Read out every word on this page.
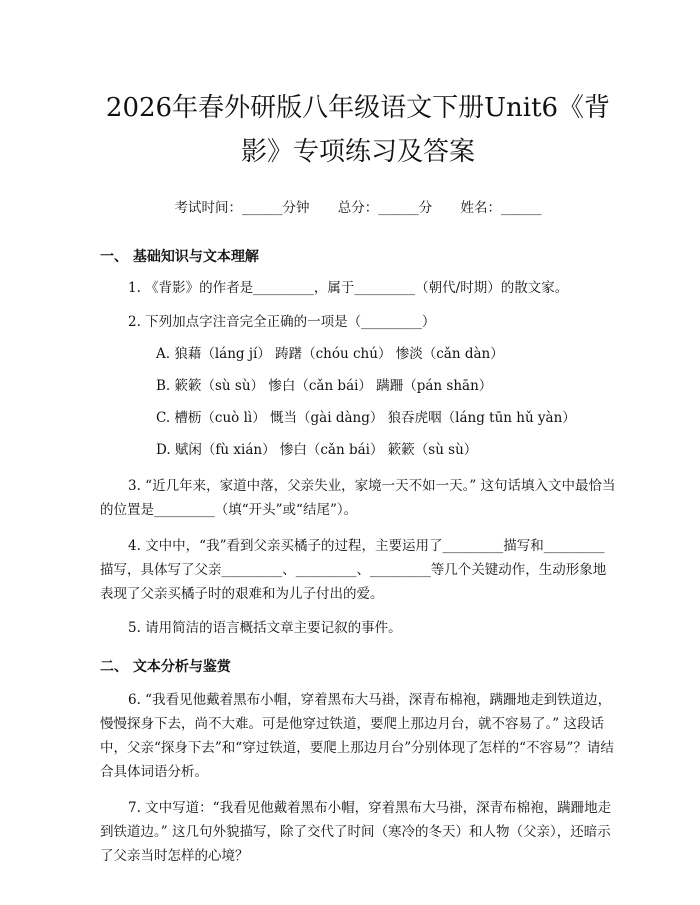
2026年春外研版八年级语文下册Unit6《背影》专项练习及答案
考试时间：______分钟 总分：______分 姓名：______
一、 基础知识与文本理解
1. 《背影》的作者是_________，属于_________（朝代/时期）的散文家。
2. 下列加点字注音完全正确的一项是（_________）
A. 狼藉（láng jí） 踌躇（chóu chú） 惨淡（cǎn dàn）
B. 簌簌（sù sù） 惨白（cǎn bái） 蹒跚（pán shān）
C. 槽枥（cuò lì） 慨当（gài dàng） 狼吞虎咽（láng tūn hǔ yàn）
D. 赋闲（fù xián） 惨白（cǎn bái） 簌簌（sù sù）
3. “近几年来，家道中落，父亲失业，家境一天不如一天。” 这句话填入文中最恰当的位置是_________（填“开头”或“结尾”）。
4. 文中中，“我”看到父亲买橘子的过程，主要运用了_________描写和_________描写，具体写了父亲_________、_________、_________等几个关键动作，生动形象地表现了父亲买橘子时的艰难和为儿子付出的爱。
5. 请用简洁的语言概括文章主要记叙的事件。
二、 文本分析与鉴赏
6. “我看见他戴着黑布小帽，穿着黑布大马褂，深青布棉袍，蹒跚地走到铁道边，慢慢探身下去，尚不大难。可是他穿过铁道，要爬上那边月台，就不容易了。” 这段话中，父亲“探身下去”和“穿过铁道，要爬上那边月台”分别体现了怎样的“不容易”？请结合具体词语分析。
7. 文中写道：“我看见他戴着黑布小帽，穿着黑布大马褂，深青布棉袍，蹒跚地走到铁道边。” 这几句外貌描写，除了交代了时间（寒冷的冬天）和人物（父亲），还暗示了父亲当时怎样的心境？
